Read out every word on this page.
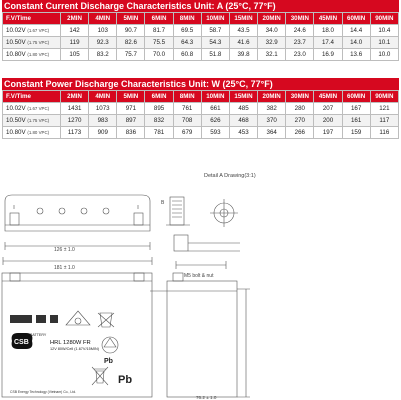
Constant Current Discharge Characteristics Unit: A (25°C, 77°F)
F.V/Time	2MIN	4MIN	5MIN	6MIN	8MIN	10MIN	15MIN	20MIN	30MIN	45MIN	60MIN	90MIN
10.02V (1.67 VPC)	142	103	90.7	81.7	69.5	58.7	43.5	34.0	24.6	18.0	14.4	10.4
10.50V (1.75 VPC)	119	92.3	82.6	75.5	64.3	54.3	41.6	32.9	23.7	17.4	14.0	10.1
10.80V (1.80 VPC)	105	83.2	75.7	70.0	60.8	51.8	39.8	32.1	23.0	16.9	13.6	10.0
Constant Power Discharge Characteristics Unit: W (25°C, 77°F)
F.V/Time	2MIN	4MIN	5MIN	6MIN	8MIN	10MIN	15MIN	20MIN	30MIN	45MIN	60MIN	90MIN
10.02V (1.67 VPC)	1431	1073	971	895	761	661	485	382	280	207	167	121
10.50V (1.75 VPC)	1270	983	897	832	708	626	468	370	270	200	161	117
10.80V (1.80 VPC)	1173	909	836	781	679	593	453	364	266	197	159	116
Detail A Drawing(3:1)
B
126 ± 1.0
M5 bolt & nut
181 ± 1.0
CSB
BATTERY
HRL 1280W FR
12V 80W/Cell (1.67V/15MIN)
Pb
Pb
CSB Energy Technology (Vietnam) Co., Ltd.
76.2 ± 1.0
